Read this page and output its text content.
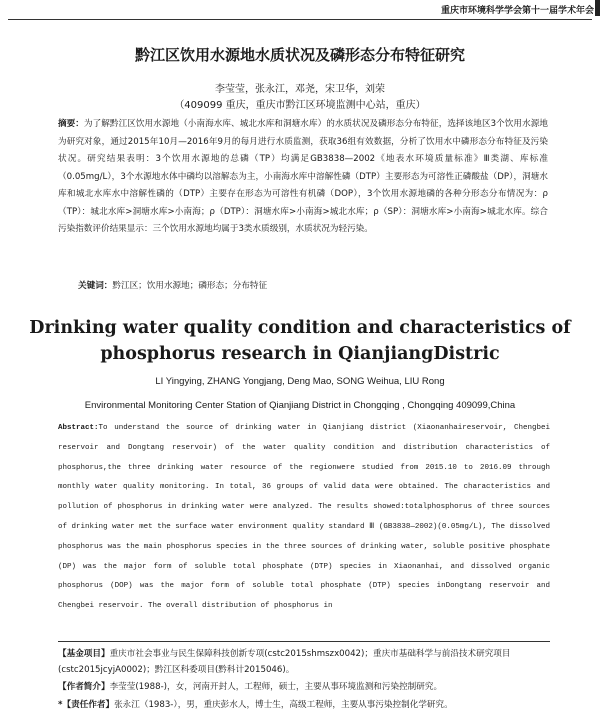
重庆市环境科学学会第十一届学术年会
黔江区饮用水源地水质状况及磷形态分布特征研究
李莹莹，张永江，邓尧，宋卫华，刘荣
（409099 重庆，重庆市黔江区环境监测中心站，重庆）
摘要：为了解黔江区饮用水源地（小南海水库、城北水库和洞塘水库）的水质状况及磷形态分布特征，选择该地区3个饮用水源地为研究对象，通过2015年10月—2016年9月的每月进行水质监测，获取36组有效数据，分析了饮用水中磷形态分布特征及污染状况。研究结果表明：3个饮用水源地的总磷（TP）均满足GB3838—2002《地表水环境质量标准》Ⅲ类湖、库标准（0.05mg/L），3个水源地水体中磷均以溶解态为主，小南海水库中溶解性磷（DTP）主要形态为可溶性正磷酸盐（DP），洞塘水库和城北水库水中溶解性磷的（DTP）主要存在形态为可溶性有机磷（DOP），3个饮用水源地磷的各种分形态分布情况为：ρ（TP）：城北水库>洞塘水库>小南海；ρ（DTP）：洞塘水库>小南海>城北水库；ρ（SP）：洞塘水库>小南海>城北水库。综合污染指数评价结果显示：三个饮用水源地均属于3类水质级别，水质状况为轻污染。
关键词：黔江区；饮用水源地；磷形态；分布特征
Drinking water quality condition and characteristics of
phosphorus research in QianjiangDistric
LI Yingying, ZHANG Yongjang, Deng Mao, SONG Weihua, LIU Rong
Environmental Monitoring Center Station of Qianjiang District in Chongqing , Chongqing 409099,China
Abstract:To understand the source of drinking water in Qianjiang district (Xiaonanhaireservoir, Chengbei reservoir and Dongtang reservoir) of the water quality condition and distribution characteristics of phosphorus,the three drinking water resource of the regionwere studied from 2015.10 to 2016.09 through monthly water quality monitoring. In total, 36 groups of valid data were obtained. The characteristics and pollution of phosphorus in drinking water were analyzed. The results showed:totalphosphorus of three sources of drinking water met the surface water environment quality standard Ⅲ (GB3838—2002)(0.05mg/L), The dissolved phosphorus was the main phosphorus species in the three sources of drinking water, soluble positive phosphate (DP) was the major form of soluble total phosphate (DTP) species in Xiaonanhai, and dissolved organic phosphorus (DOP) was the major form of soluble total phosphate (DTP) species inDongtang reservoir and Chengbei reservoir. The overall distribution of phosphorus in
【基金项目】重庆市社会事业与民生保障科技创新专项(cstc2015shmszx0042)；重庆市基础科学与前沿技术研究项目(cstc2015jcyjA0002)；黔江区科委项目(黔科计2015046)。
【作者简介】李莹莹(1988-)，女，河南开封人，工程师，硕士，主要从事环境监测和污染控制研究。
*【责任作者】张永江（1983-），男，重庆彭水人，博士生，高级工程师，主要从事污染控制化学研究。
